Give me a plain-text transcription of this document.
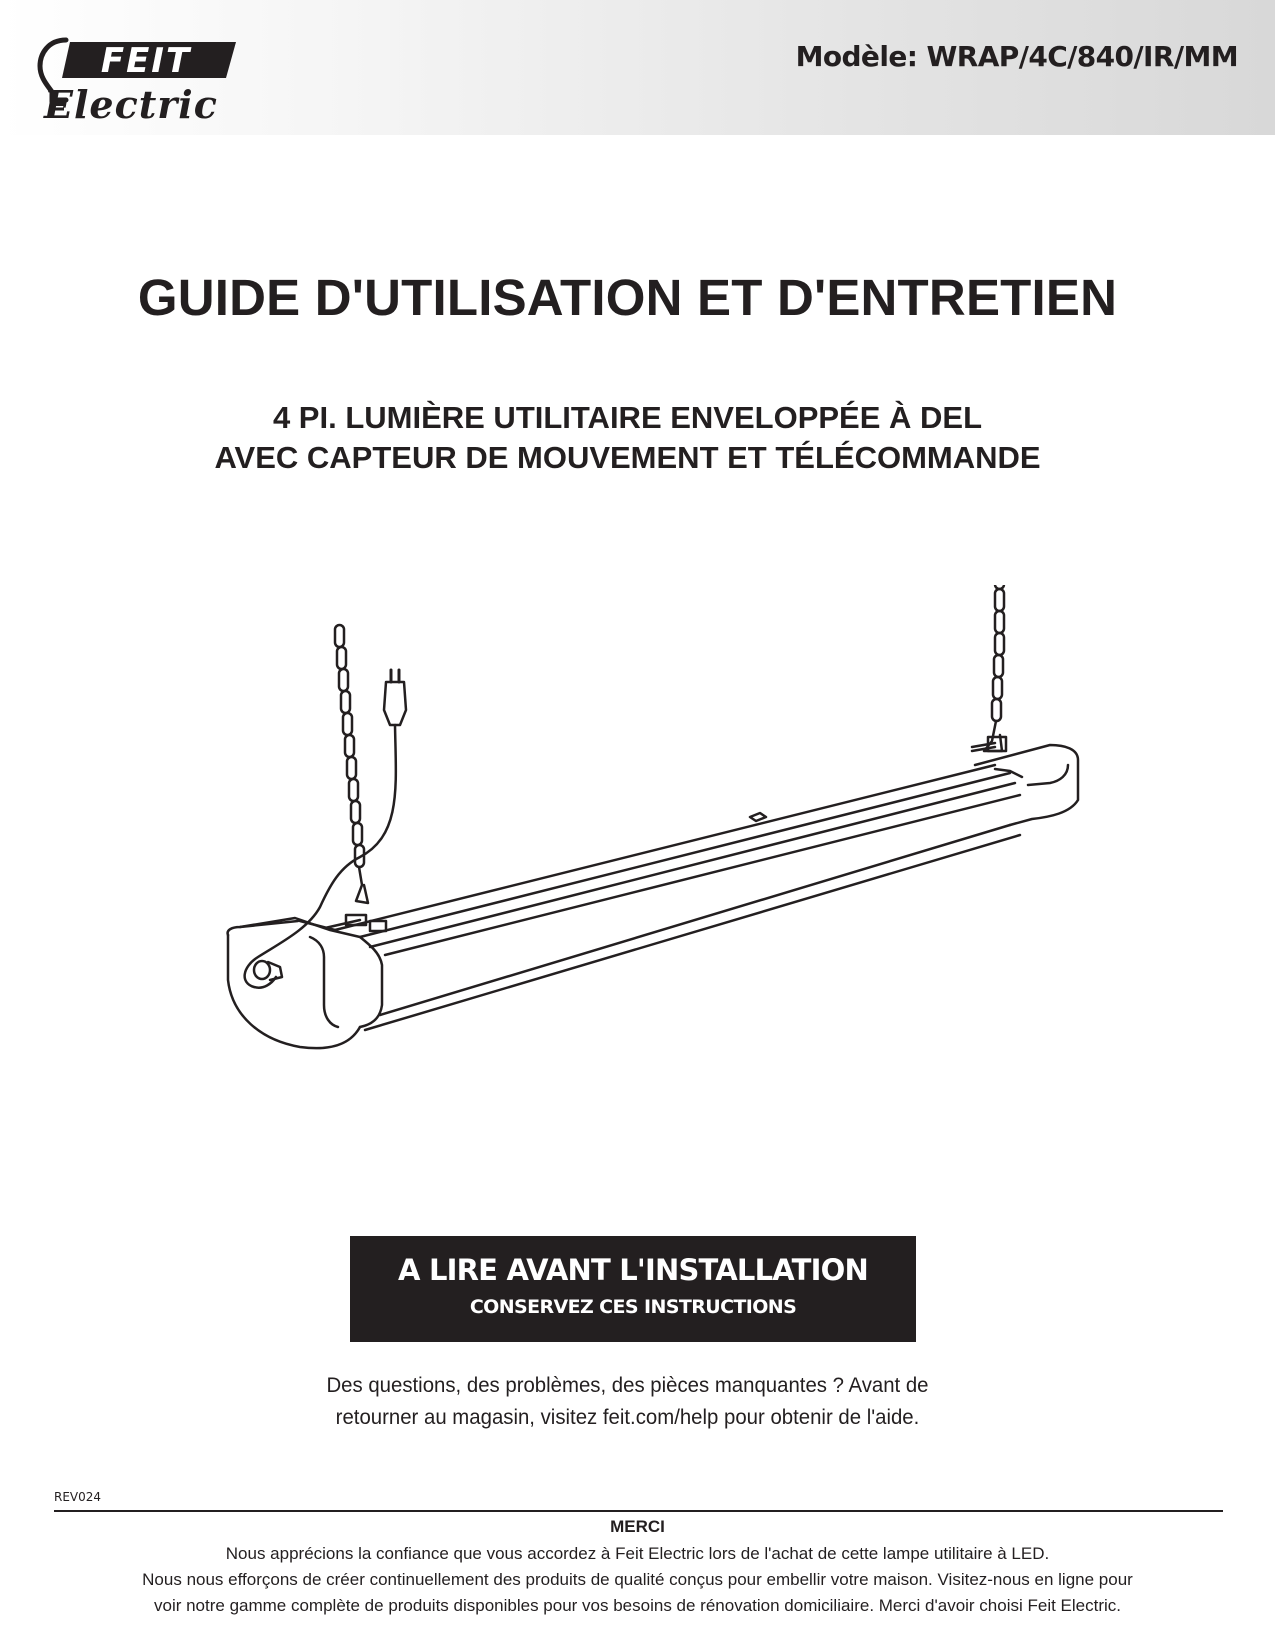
FEIT
Electric
Modèle: WRAP/4C/840/IR/MM
GUIDE D'UTILISATION ET D'ENTRETIEN
4 PI. LUMIÈRE UTILITAIRE ENVELOPPÉE À DEL
AVEC CAPTEUR DE MOUVEMENT ET TÉLÉCOMMANDE
A LIRE AVANT L'INSTALLATION
CONSERVEZ CES INSTRUCTIONS
Des questions, des problèmes, des pièces manquantes ? Avant de
retourner au magasin, visitez feit.com/help pour obtenir de l'aide.
REV024
MERCI
Nous apprécions la confiance que vous accordez à Feit Electric lors de l'achat de cette lampe utilitaire à LED.
Nous nous efforçons de créer continuellement des produits de qualité conçus pour embellir votre maison. Visitez-nous en ligne pour
voir notre gamme complète de produits disponibles pour vos besoins de rénovation domiciliaire. Merci d'avoir choisi Feit Electric.
